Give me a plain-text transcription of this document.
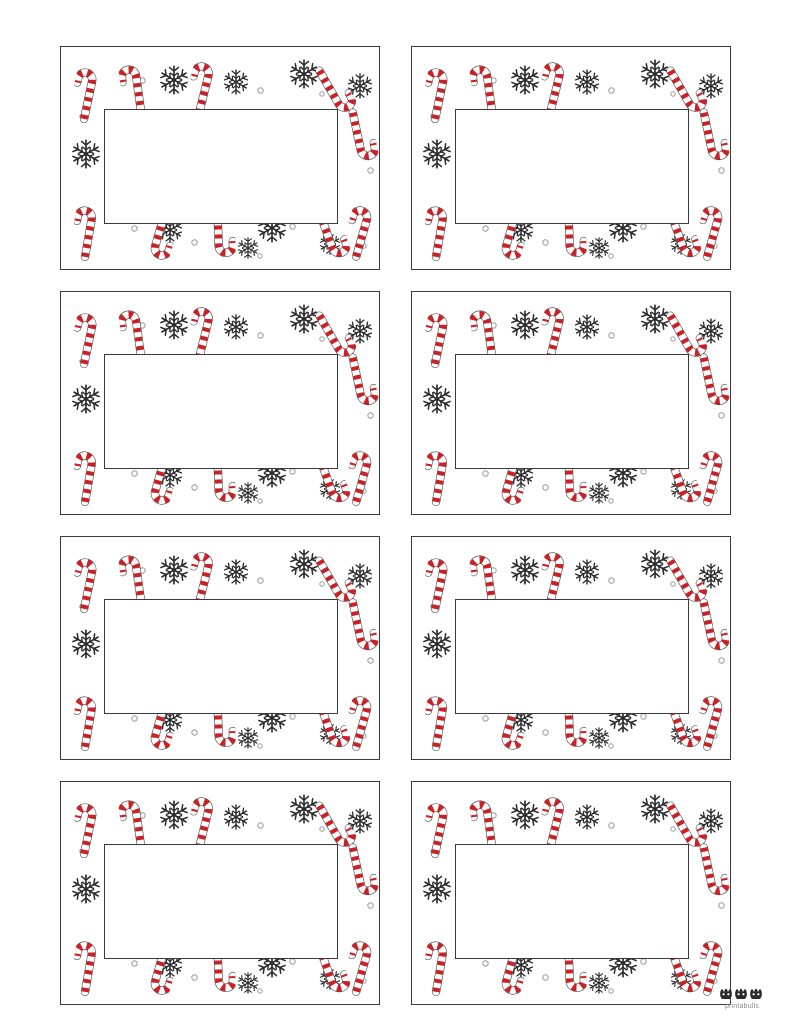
printabulls
